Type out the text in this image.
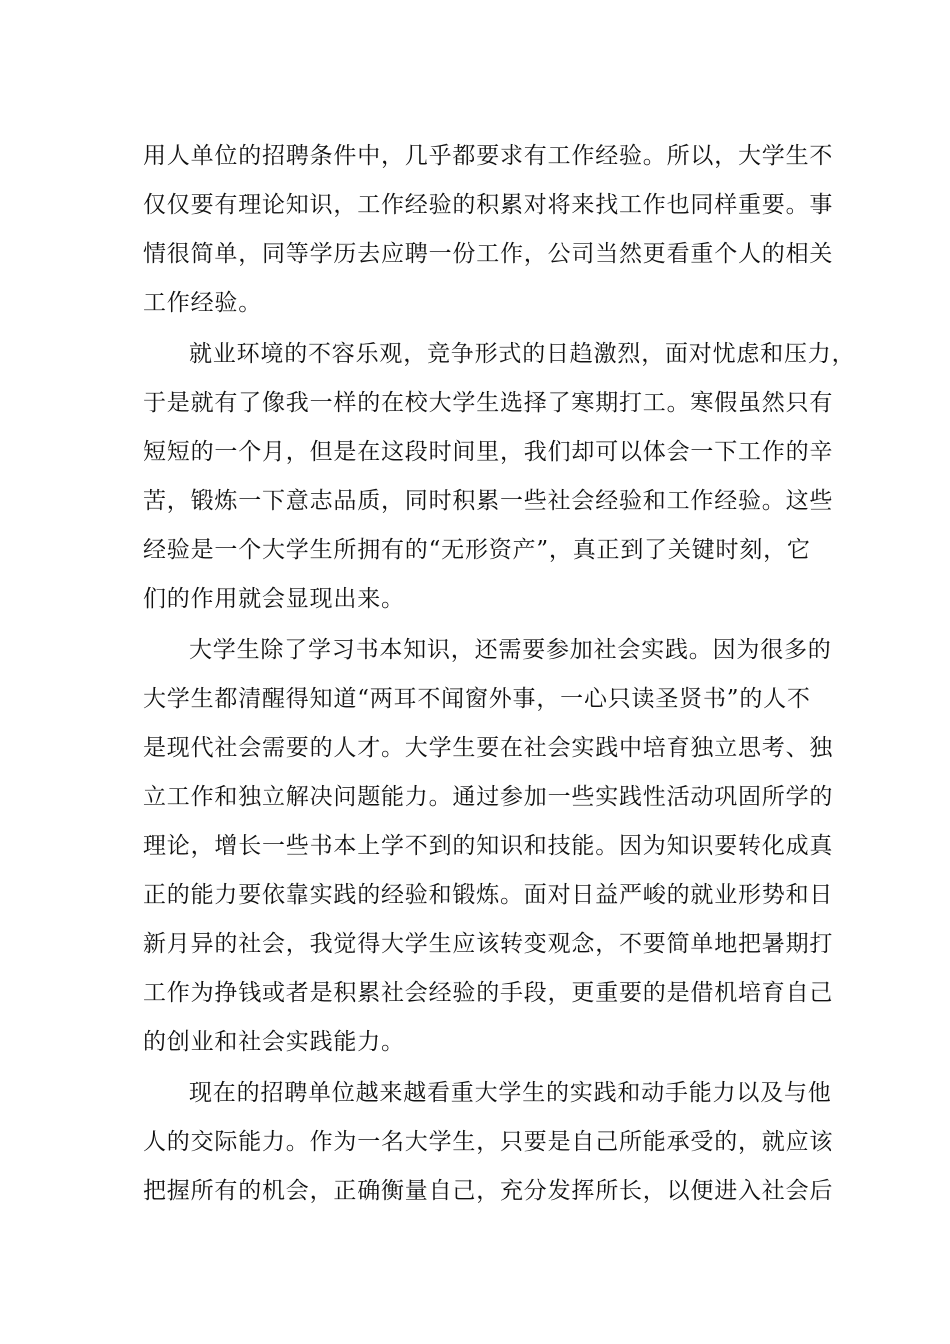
用人单位的招聘条件中，几乎都要求有工作经验。所以，大学生不
仅仅要有理论知识，工作经验的积累对将来找工作也同样重要。事
情很简单，同等学历去应聘一份工作，公司当然更看重个人的相关
工作经验。
就业环境的不容乐观，竞争形式的日趋激烈，面对忧虑和压力，
于是就有了像我一样的在校大学生选择了寒期打工。寒假虽然只有
短短的一个月，但是在这段时间里，我们却可以体会一下工作的辛
苦，锻炼一下意志品质，同时积累一些社会经验和工作经验。这些
经验是一个大学生所拥有的“无形资产”，真正到了关键时刻，它
们的作用就会显现出来。
大学生除了学习书本知识，还需要参加社会实践。因为很多的
大学生都清醒得知道“两耳不闻窗外事，一心只读圣贤书”的人不
是现代社会需要的人才。大学生要在社会实践中培育独立思考、独
立工作和独立解决问题能力。通过参加一些实践性活动巩固所学的
理论，增长一些书本上学不到的知识和技能。因为知识要转化成真
正的能力要依靠实践的经验和锻炼。面对日益严峻的就业形势和日
新月异的社会，我觉得大学生应该转变观念，不要简单地把暑期打
工作为挣钱或者是积累社会经验的手段，更重要的是借机培育自己
的创业和社会实践能力。
现在的招聘单位越来越看重大学生的实践和动手能力以及与他
人的交际能力。作为一名大学生，只要是自己所能承受的，就应该
把握所有的机会，正确衡量自己，充分发挥所长，以便进入社会后
